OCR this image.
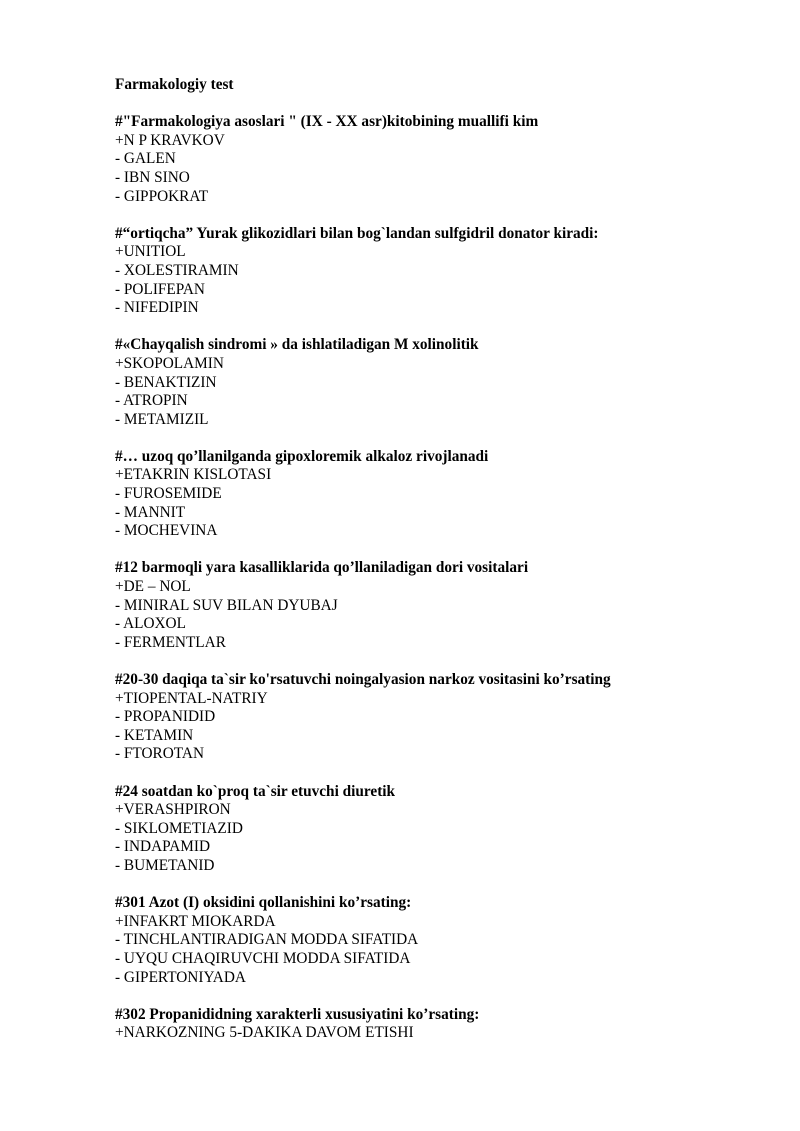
Farmakologiy test
#"Farmakologiya asoslari " (IX - XX asr)kitobining muallifi kim
+N P KRAVKOV
- GALEN
- IBN SINO
- GIPPOKRAT
#“ortiqcha” Yurak glikozidlari bilan bog`landan sulfgidril donator kiradi:
+UNITIOL
- XOLESTIRAMIN
- POLIFEPAN
- NIFEDIPIN
#«Chayqalish sindromi » da ishlatiladigan M xolinolitik
+SKOPOLAMIN
- BENAKTIZIN
- ATROPIN
- METAMIZIL
#… uzoq qo’llanilganda gipoxloremik alkaloz rivojlanadi
+ETAKRIN KISLOTASI
- FUROSEMIDE
- MANNIT
- MOCHEVINA
#12 barmoqli yara kasalliklarida qo’llaniladigan dori vositalari
+DE – NOL
- MINIRAL SUV BILAN DYUBAJ
- ALOXOL
- FERMENTLAR
#20-30 daqiqa ta`sir ko'rsatuvchi noingalyasion narkoz vositasini ko’rsating
+TIOPENTAL-NATRIY
- PROPANIDID
- KETAMIN
- FTOROTAN
#24 soatdan ko`proq ta`sir etuvchi diuretik
+VERASHPIRON
- SIKLOMETIAZID
- INDAPAMID
- BUMETANID
#301 Azot (I) oksidini qollanishini ko’rsating:
+INFAKRT MIOKARDA
- TINCHLANTIRADIGAN MODDA SIFATIDA
- UYQU CHAQIRUVCHI MODDA SIFATIDA
- GIPERTONIYADA
#302 Propanididning xarakterli xususiyatini ko’rsating:
+NARKOZNING 5-DAKIKA DAVOM ETISHI
